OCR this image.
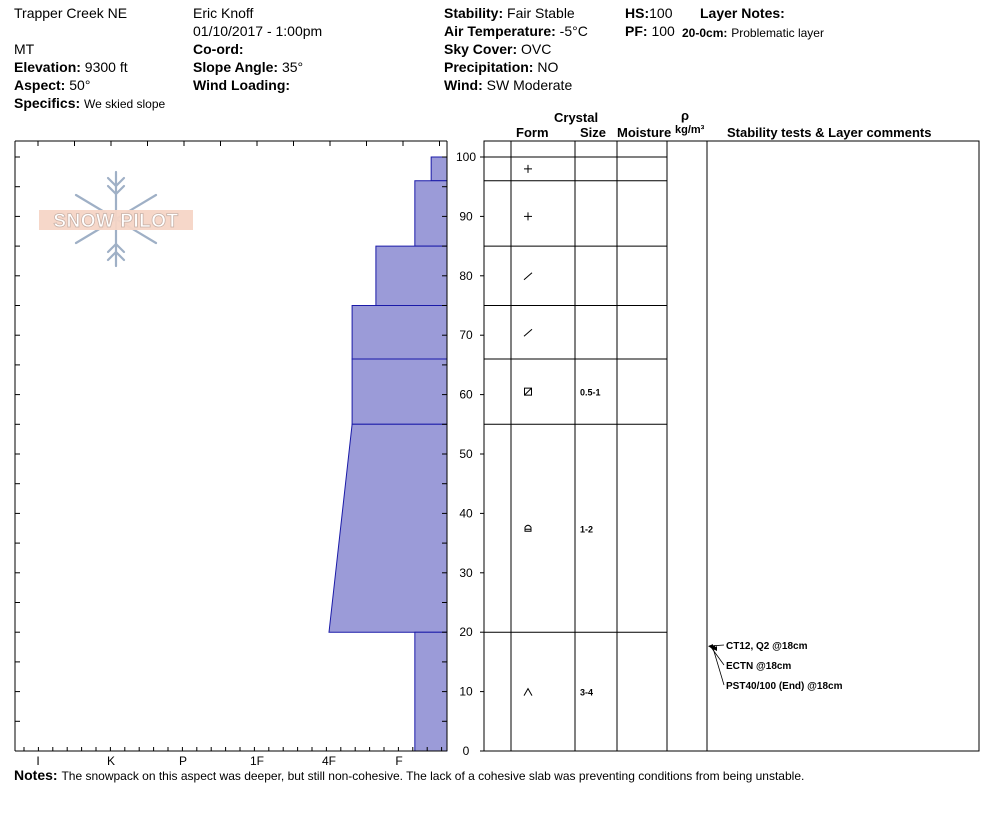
Trapper Creek NE
MT
Elevation: 9300 ft
Aspect: 50°
Specifics: We skied slope
Eric Knoff
01/10/2017 - 1:00pm
Co-ord:
Slope Angle: 35°
Wind Loading:
Stability: Fair Stable
Air Temperature: -5°C
Sky Cover: OVC
Precipitation: NO
Wind: SW Moderate
HS:100
PF: 100
Layer Notes:
20-0cm: Problematic layer
Crystal
Form Size Moisture
ρ
kg/m³ Stability tests & Layer comments
SNOW PILOT
I	K	P	1F	4F	F
0
10
20
30
40
50
60
70
80
90
100
0.5-1
1-2
3-4
CT12, Q2 @18cm
ECTN @18cm
PST40/100 (End) @18cm
Notes: The snowpack on this aspect was deeper, but still non-cohesive. The lack of a cohesive slab was preventing conditions from being unstable.
